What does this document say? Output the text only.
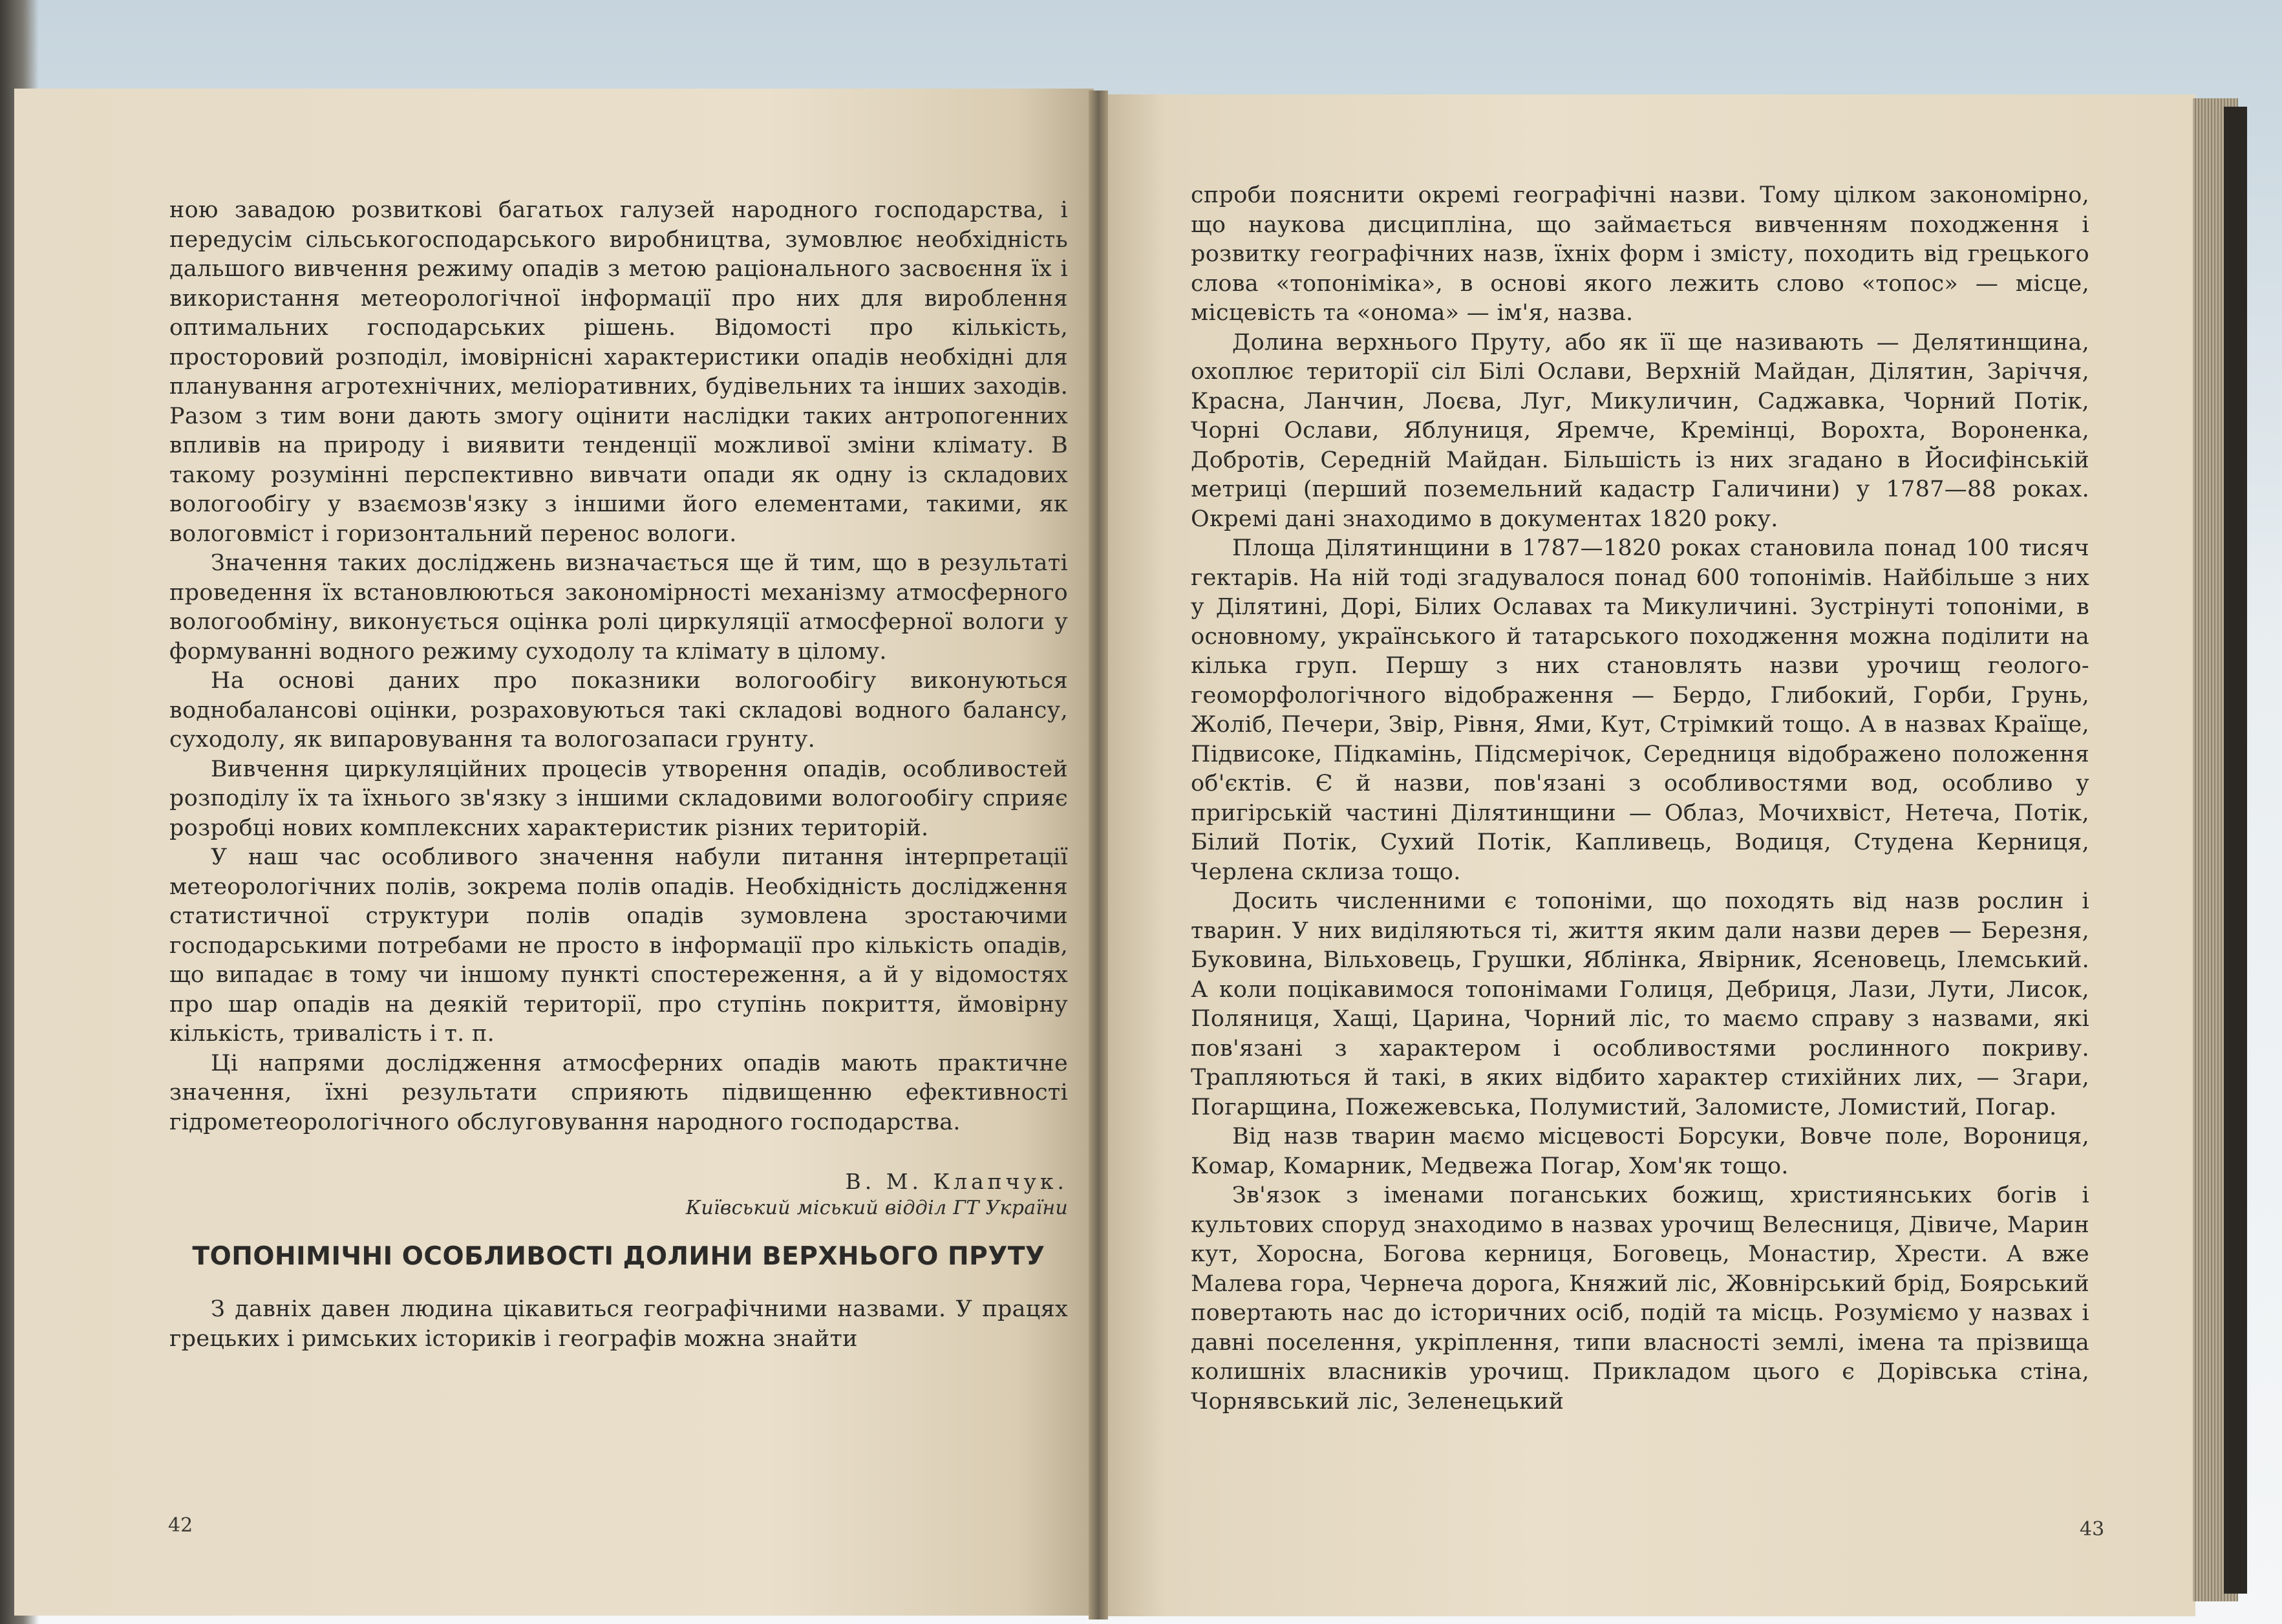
ною завадою розвиткові багатьох галузей народного господарства, і передусім сільськогосподарського виробництва, зумовлює необхідність дальшого вивчення режиму опадів з метою раціонального засвоєння їх і використання метеорологічної інформації про них для вироблення оптимальних господарських рішень. Відомості про кількість, просторовий розподіл, імовірнісні характеристики опадів необхідні для планування агротехнічних, меліоративних, будівельних та інших заходів. Разом з тим вони дають змогу оцінити наслідки таких антропогенних впливів на природу і виявити тенденції можливої зміни клімату. В такому розумінні перспективно вивчати опади як одну із складових вологообігу у взаємозв'язку з іншими його елементами, такими, як вологовміст і горизонтальний перенос вологи.

Значення таких досліджень визначається ще й тим, що в результаті проведення їх встановлюються закономірності механізму атмосферного вологообміну, виконується оцінка ролі циркуляції атмосферної вологи у формуванні водного режиму суходолу та клімату в цілому.

На основі даних про показники вологообігу виконуються воднобалансові оцінки, розраховуються такі складові водного балансу, суходолу, як випаровування та вологозапаси грунту.

Вивчення циркуляційних процесів утворення опадів, особливостей розподілу їх та їхнього зв'язку з іншими складовими вологообігу сприяє розробці нових комплексних характеристик різних територій.

У наш час особливого значення набули питання інтерпретації метеорологічних полів, зокрема полів опадів. Необхідність дослідження статистичної структури полів опадів зумовлена зростаючими господарськими потребами не просто в інформації про кількість опадів, що випадає в тому чи іншому пункті спостереження, а й у відомостях про шар опадів на деякій території, про ступінь покриття, ймовірну кількість, тривалість і т. п.

Ці напрями дослідження атмосферних опадів мають практичне значення, їхні результати сприяють підвищенню ефективності гідрометеорологічного обслуговування народного господарства.

В. М. Клапчук.
Київський міський відділ ГТ України
ТОПОНІМІЧНІ ОСОБЛИВОСТІ ДОЛИНИ ВЕРХНЬОГО ПРУТУ

З давніх давен людина цікавиться географічними назвами. У працях грецьких і римських істориків і географів можна знайти

42

спроби пояснити окремі географічні назви. Тому цілком закономірно, що наукова дисципліна, що займається вивченням походження і розвитку географічних назв, їхніх форм і змісту, походить від грецького слова «топоніміка», в основі якого лежить слово «топос» — місце, місцевість та «онома» — ім'я, назва.

Долина верхнього Пруту, або як її ще називають — Делятинщина, охоплює території сіл Білі Ослави, Верхній Майдан, Ділятин, Заріччя, Красна, Ланчин, Лоєва, Луг, Микуличин, Саджавка, Чорний Потік, Чорні Ослави, Яблуниця, Яремче, Кремінці, Ворохта, Вороненка, Добротів, Середній Майдан. Більшість із них згадано в Йосифінській метриці (перший поземельний кадастр Галичини) у 1787—88 роках. Окремі дані знаходимо в документах 1820 року.

Площа Ділятинщини в 1787—1820 роках становила понад 100 тисяч гектарів. На ній тоді згадувалося понад 600 топонімів. Найбільше з них у Ділятині, Дорі, Білих Ославах та Микуличині. Зустрінуті топоніми, в основному, українського й татарського походження можна поділити на кілька груп. Першу з них становлять назви урочищ геолого-геоморфологічного відображення — Бердо, Глибокий, Горби, Грунь, Жоліб, Печери, Звір, Рівня, Ями, Кут, Стрімкий тощо. А в назвах Країще, Підвисоке, Підкамінь, Підсмерічок, Середниця відображено положення об'єктів. Є й назви, пов'язані з особливостями вод, особливо у пригірській частині Ділятинщини — Облаз, Мочихвіст, Нетеча, Потік, Білий Потік, Сухий Потік, Капливець, Водиця, Студена Керниця, Черлена склиза тощо.

Досить численними є топоніми, що походять від назв рослин і тварин. У них виділяються ті, життя яким дали назви дерев — Березня, Буковина, Вільховець, Грушки, Яблінка, Явірник, Ясеновець, Ілемський. А коли поцікавимося топонімами Голиця, Дебриця, Лази, Лути, Лисок, Поляниця, Хащі, Царина, Чорний ліс, то маємо справу з назвами, які пов'язані з характером і особливостями рослинного покриву. Трапляються й такі, в яких відбито характер стихійних лих, — Згари, Погарщина, Пожежевська, Полумистий, Заломисте, Ломистий, Погар.

Від назв тварин маємо місцевості Борсуки, Вовче поле, Ворониця, Комар, Комарник, Медвежа Погар, Хом'як тощо.

Зв'язок з іменами поганських божищ, християнських богів і культових споруд знаходимо в назвах урочищ Велесниця, Дівиче, Марин кут, Хоросна, Богова керниця, Боговець, Монастир, Хрести. А вже Малева гора, Чернеча дорога, Княжий ліс, Жовнірський брід, Боярський повертають нас до історичних осіб, подій та місць. Розуміємо у назвах і давні поселення, укріплення, типи власності землі, імена та прізвища колишніх власників урочищ. Прикладом цього є Дорівська стіна, Чорнявський ліс, Зеленецький

43
